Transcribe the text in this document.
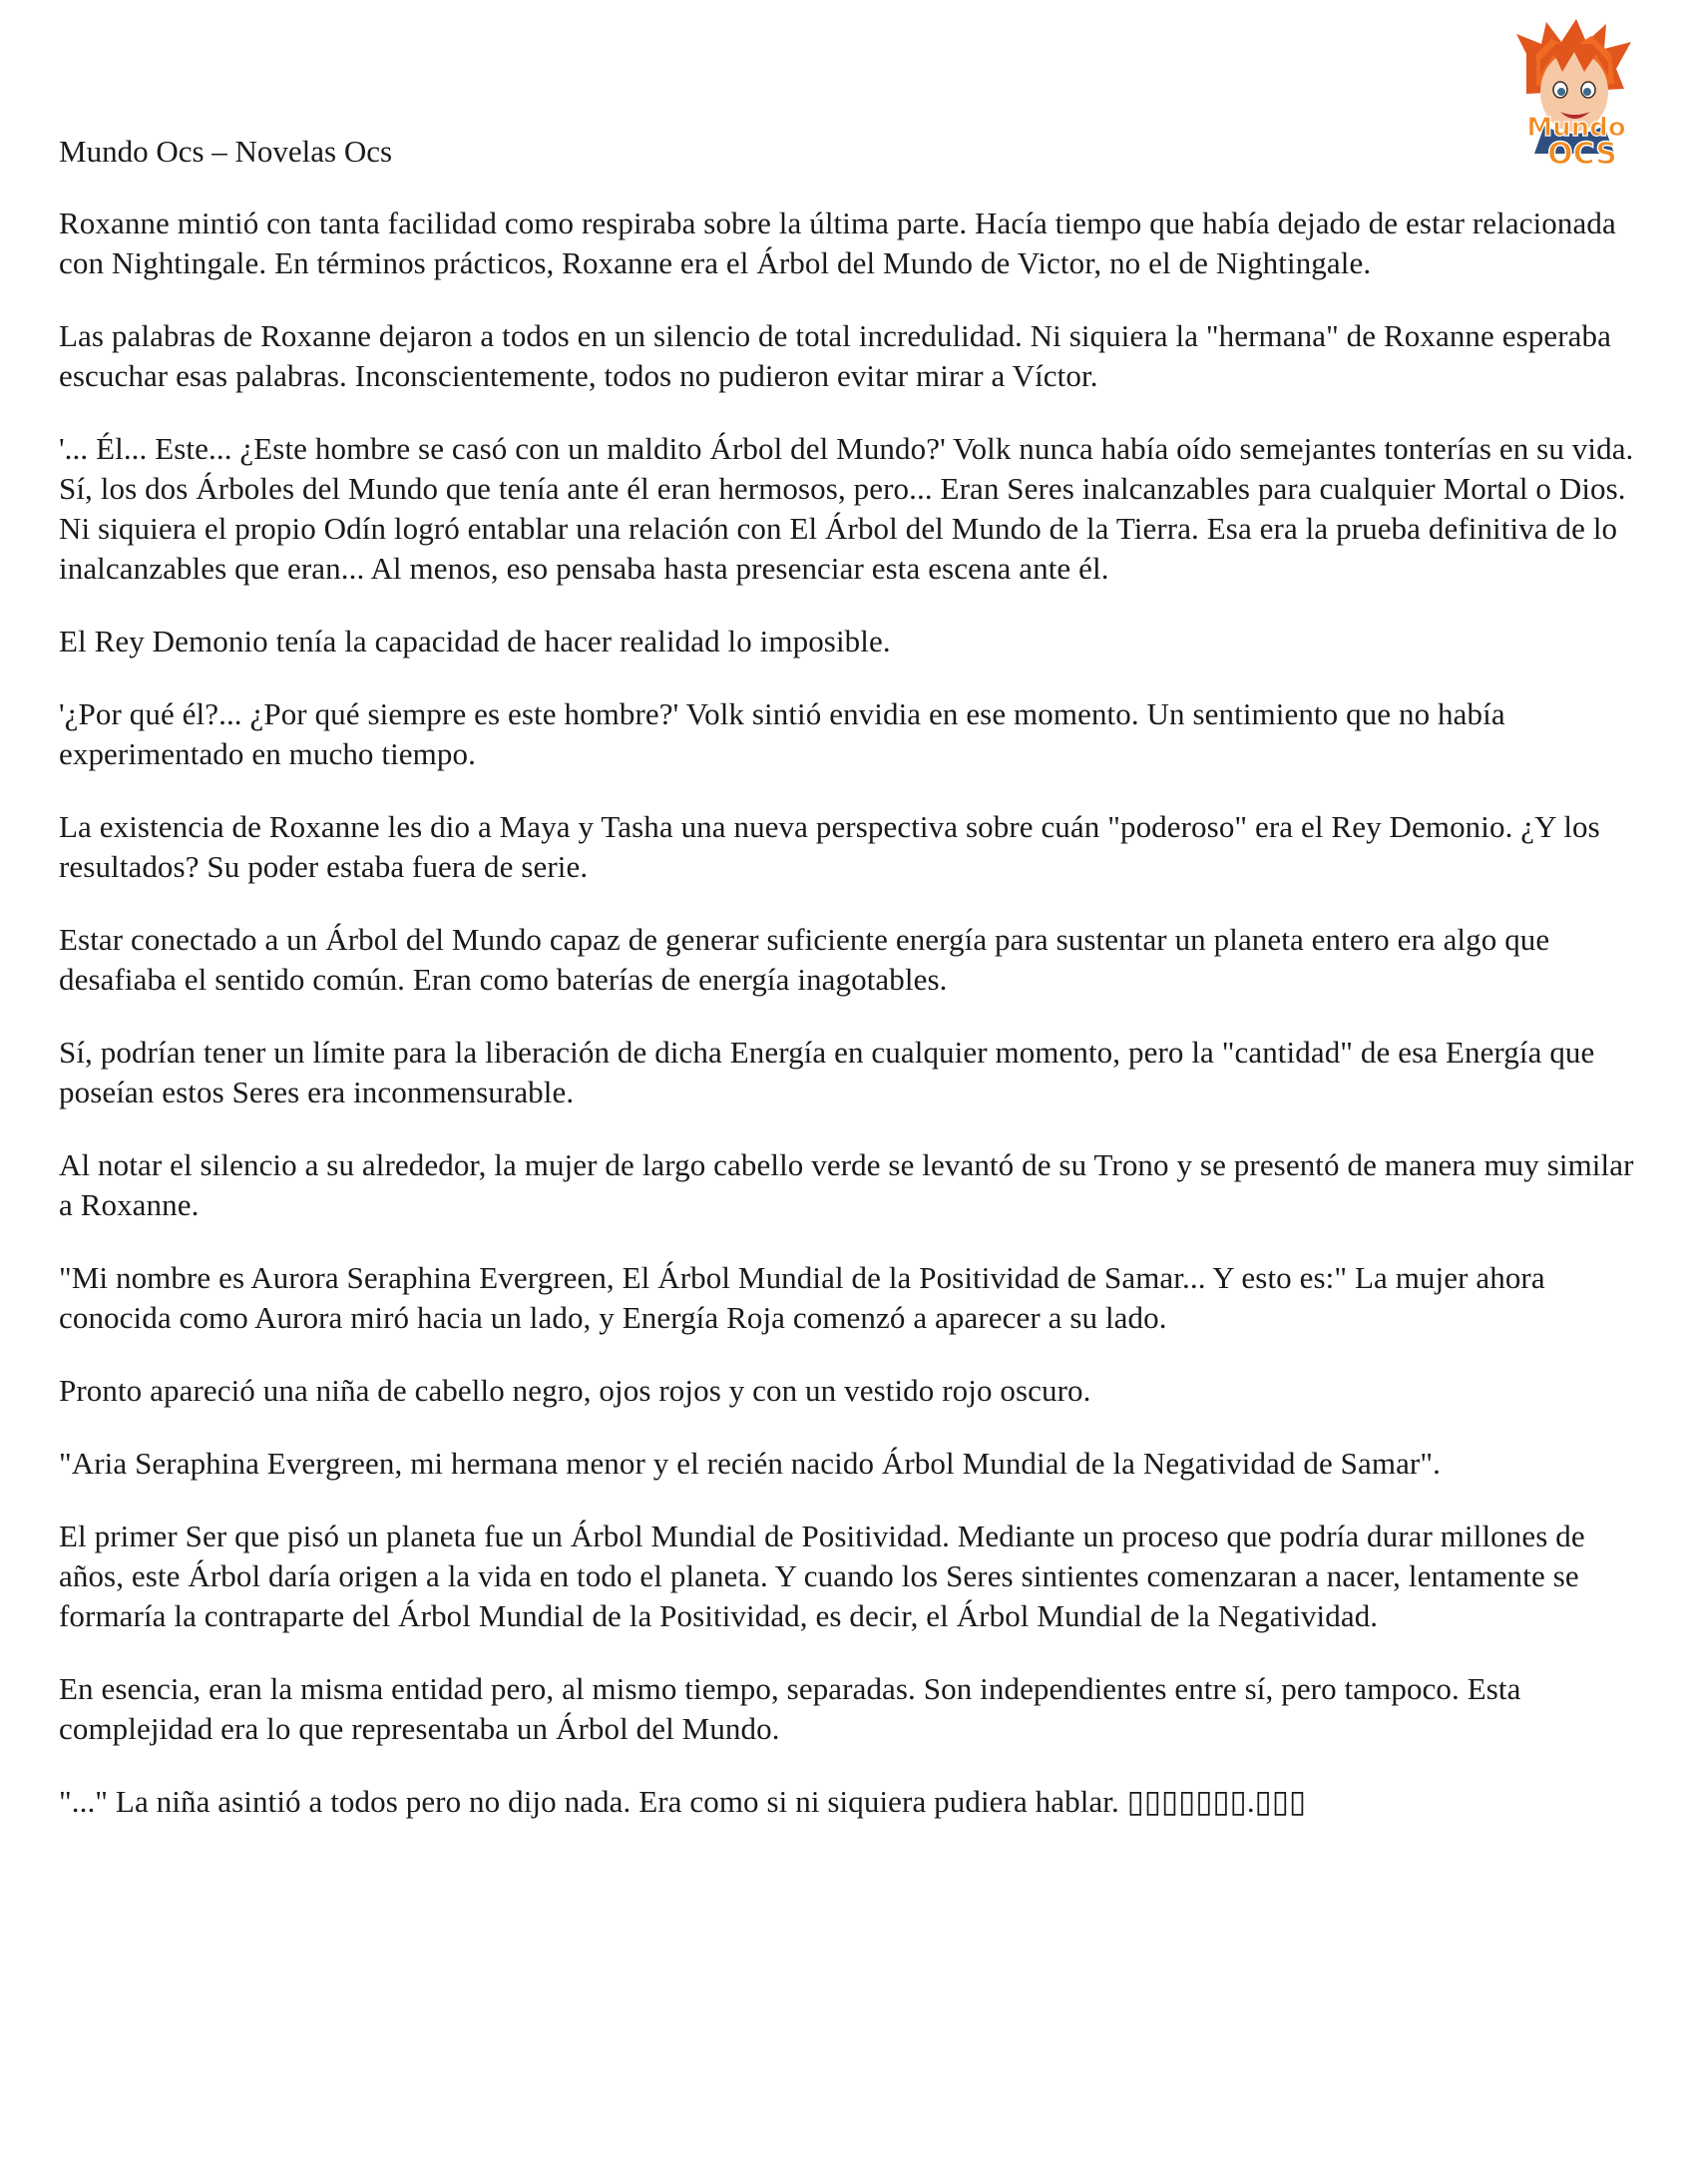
Mundo
OCS
Mundo Ocs – Novelas Ocs

Roxanne mintió con tanta facilidad como respiraba sobre la última parte. Hacía tiempo que había dejado de estar relacionada con Nightingale. En términos prácticos, Roxanne era el Árbol del Mundo de Victor, no el de Nightingale.

Las palabras de Roxanne dejaron a todos en un silencio de total incredulidad. Ni siquiera la "hermana" de Roxanne esperaba escuchar esas palabras. Inconscientemente, todos no pudieron evitar mirar a Víctor.

'... Él... Este... ¿Este hombre se casó con un maldito Árbol del Mundo?' Volk nunca había oído semejantes tonterías en su vida. Sí, los dos Árboles del Mundo que tenía ante él eran hermosos, pero... Eran Seres inalcanzables para cualquier Mortal o Dios. Ni siquiera el propio Odín logró entablar una relación con El Árbol del Mundo de la Tierra. Esa era la prueba definitiva de lo inalcanzables que eran... Al menos, eso pensaba hasta presenciar esta escena ante él.

El Rey Demonio tenía la capacidad de hacer realidad lo imposible.

'¿Por qué él?... ¿Por qué siempre es este hombre?' Volk sintió envidia en ese momento. Un sentimiento que no había experimentado en mucho tiempo.

La existencia de Roxanne les dio a Maya y Tasha una nueva perspectiva sobre cuán "poderoso" era el Rey Demonio. ¿Y los resultados? Su poder estaba fuera de serie.

Estar conectado a un Árbol del Mundo capaz de generar suficiente energía para sustentar un planeta entero era algo que desafiaba el sentido común. Eran como baterías de energía inagotables.

Sí, podrían tener un límite para la liberación de dicha Energía en cualquier momento, pero la "cantidad" de esa Energía que poseían estos Seres era inconmensurable.

Al notar el silencio a su alrededor, la mujer de largo cabello verde se levantó de su Trono y se presentó de manera muy similar a Roxanne.

"Mi nombre es Aurora Seraphina Evergreen, El Árbol Mundial de la Positividad de Samar... Y esto es:" La mujer ahora conocida como Aurora miró hacia un lado, y Energía Roja comenzó a aparecer a su lado.

Pronto apareció una niña de cabello negro, ojos rojos y con un vestido rojo oscuro.

"Aria Seraphina Evergreen, mi hermana menor y el recién nacido Árbol Mundial de la Negatividad de Samar".

El primer Ser que pisó un planeta fue un Árbol Mundial de Positividad. Mediante un proceso que podría durar millones de años, este Árbol daría origen a la vida en todo el planeta. Y cuando los Seres sintientes comenzaran a nacer, lentamente se formaría la contraparte del Árbol Mundial de la Positividad, es decir, el Árbol Mundial de la Negatividad.

En esencia, eran la misma entidad pero, al mismo tiempo, separadas. Son independientes entre sí, pero tampoco. Esta complejidad era lo que representaba un Árbol del Mundo.

"..." La niña asintió a todos pero no dijo nada. Era como si ni siquiera pudiera hablar. ▯▯▯▯▯▯▯.▯▯▯
